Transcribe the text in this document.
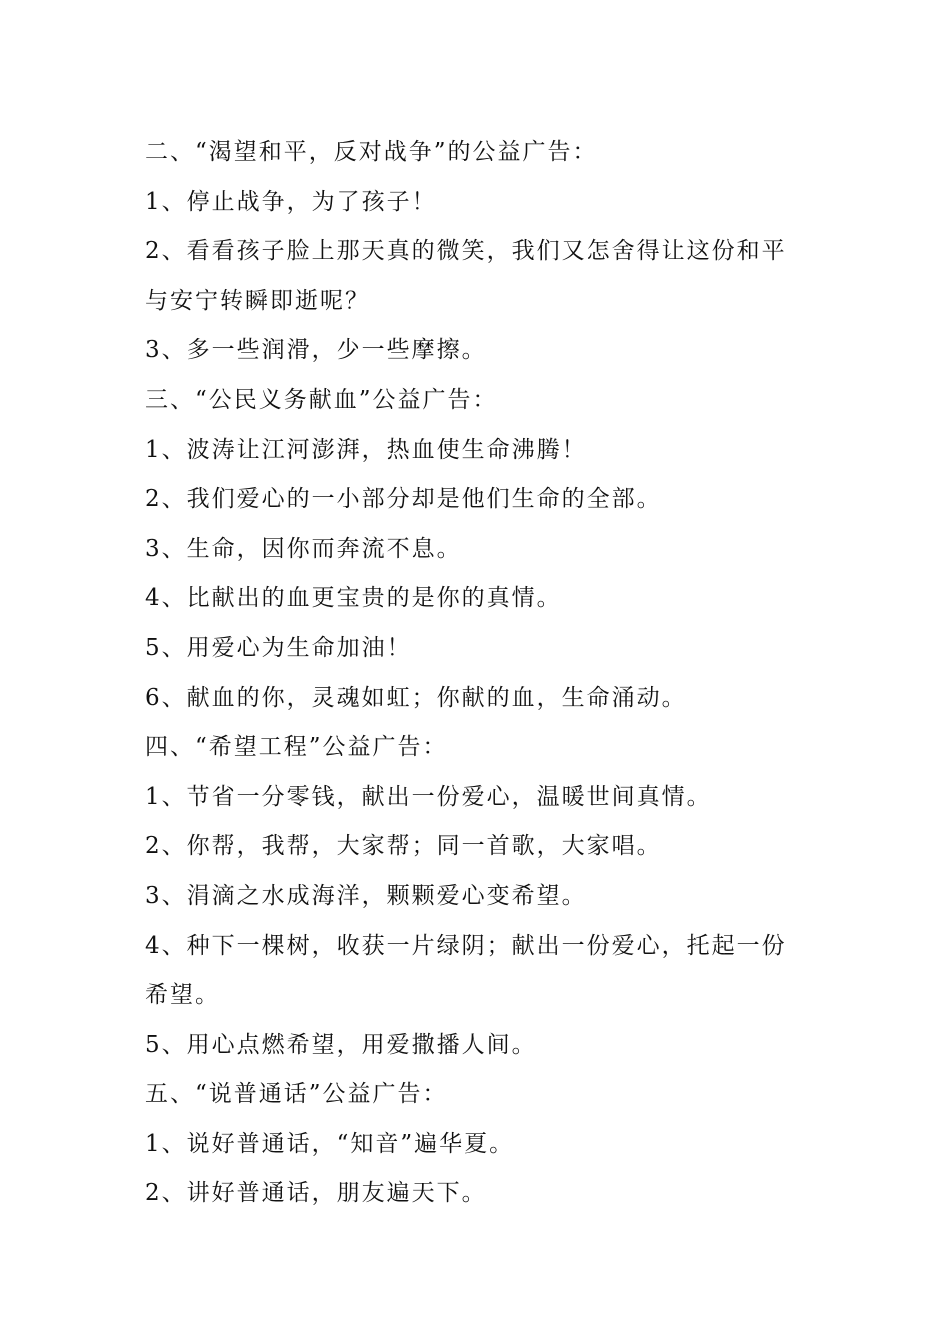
二、“渴望和平，反对战争”的公益广告：
1、停止战争，为了孩子！
2、看看孩子脸上那天真的微笑，我们又怎舍得让这份和平
与安宁转瞬即逝呢？
3、多一些润滑，少一些摩擦。
三、“公民义务献血”公益广告：
1、波涛让江河澎湃，热血使生命沸腾！
2、我们爱心的一小部分却是他们生命的全部。
3、生命，因你而奔流不息。
4、比献出的血更宝贵的是你的真情。
5、用爱心为生命加油！
6、献血的你，灵魂如虹；你献的血，生命涌动。
四、“希望工程”公益广告：
1、节省一分零钱，献出一份爱心，温暖世间真情。
2、你帮，我帮，大家帮；同一首歌，大家唱。
3、涓滴之水成海洋，颗颗爱心变希望。
4、种下一棵树，收获一片绿阴；献出一份爱心，托起一份
希望。
5、用心点燃希望，用爱撒播人间。
五、“说普通话”公益广告：
1、说好普通话，“知音”遍华夏。
2、讲好普通话，朋友遍天下。
